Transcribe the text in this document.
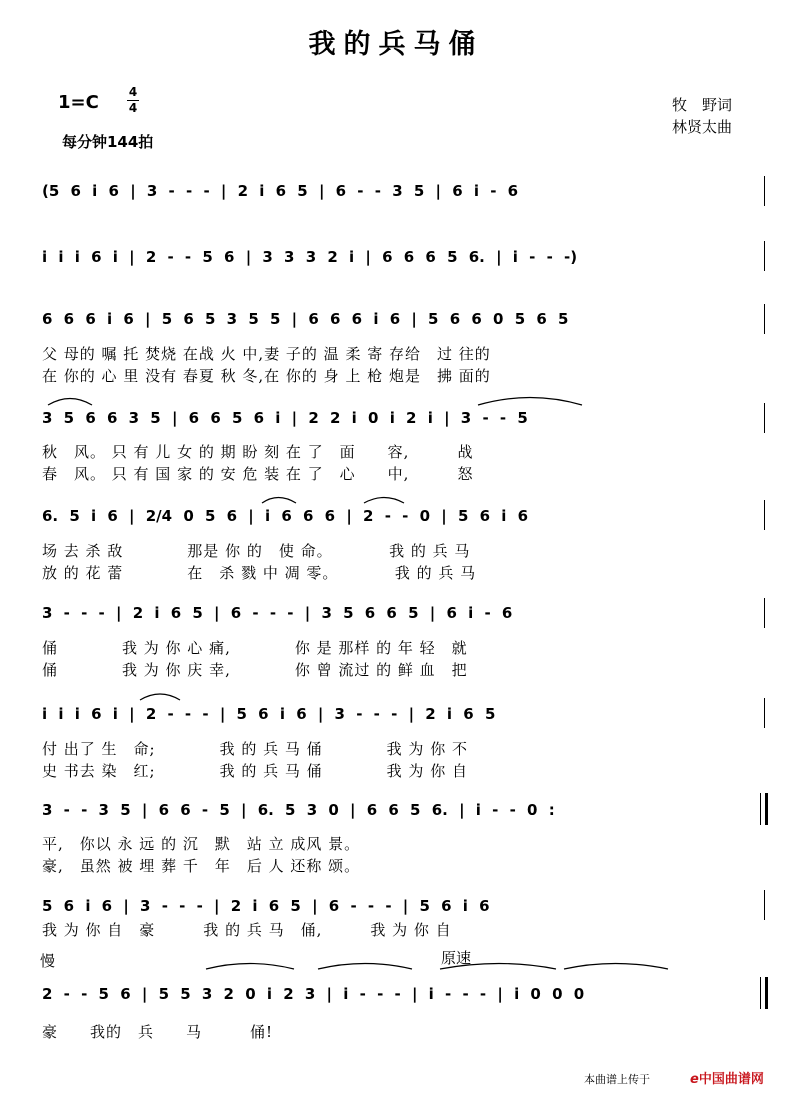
我的兵马俑
1=C 4
4
每分钟144拍
牧　野词
林贤太曲
(5 6 i 6 | 3 - - - | 2 i 6 5 | 6 - - 3 5 | 6 i - 6
i i i 6 i | 2 - - 5 6 | 3 3 3 2 i | 6 6 6 5 6. | i - - -)
6 6 6 i 6 | 5 6 5 3 5 5 | 6 6 6 i 6 | 5 6 6 0 5 6 5
父 母的 嘱 托 焚烧 在战 火 中,妻 子的 温 柔 寄 存给　过 往的
在 你的 心 里 没有 春夏 秋 冬,在 你的 身 上 枪 炮是　拂 面的
3 5 6 6 3 5 | 6 6 5 6 i | 2 2 i 0 i 2 i | 3 - - 5
秋　风。 只 有 儿 女 的 期 盼 刻 在 了　面　　容,　　　战
春　风。 只 有 国 家 的 安 危 装 在 了　心　　中,　　　怒
6. 5 i 6 | 2/4 0 5 6 | i 6 6 6 | 2 - - 0 | 5 6 i 6
场 去 杀 敌　　　　那是 你 的　使 命。　　　　我 的 兵 马
放 的 花 蕾　　　　在　杀 戮 中 凋 零。　　　　我 的 兵 马
3 - - - | 2 i 6 5 | 6 - - - | 3 5 6 6 5 | 6 i - 6
俑　　　　我 为 你 心 痛,　　　　你 是 那样 的 年 轻　就
俑　　　　我 为 你 庆 幸,　　　　你 曾 流过 的 鲜 血　把
i i i 6 i | 2 - - - | 5 6 i 6 | 3 - - - | 2 i 6 5
付 出了 生　命;　　　　我 的 兵 马 俑　　　　我 为 你 不
史 书去 染　红;　　　　我 的 兵 马 俑　　　　我 为 你 自
3 - - 3 5 | 6 6 - 5 | 6. 5 3 0 | 6 6 5 6. | i - - 0 :
平,　你以 永 远 的 沉　默　站 立 成风 景。
豪,　虽然 被 埋 葬 千　年　后 人 还称 颂。
5 6 i 6 | 3 - - - | 2 i 6 5 | 6 - - - | 5 6 i 6
我 为 你 自　豪　　　我 的 兵 马　俑,　　　我 为 你 自
慢	原速
2 - - 5 6 | 5 5 3 2 0 i 2 3 | i - - - | i - - - | i 0 0 0
豪　　我的　兵　　马　　　俑!
本曲谱上传于	e中国曲谱网
